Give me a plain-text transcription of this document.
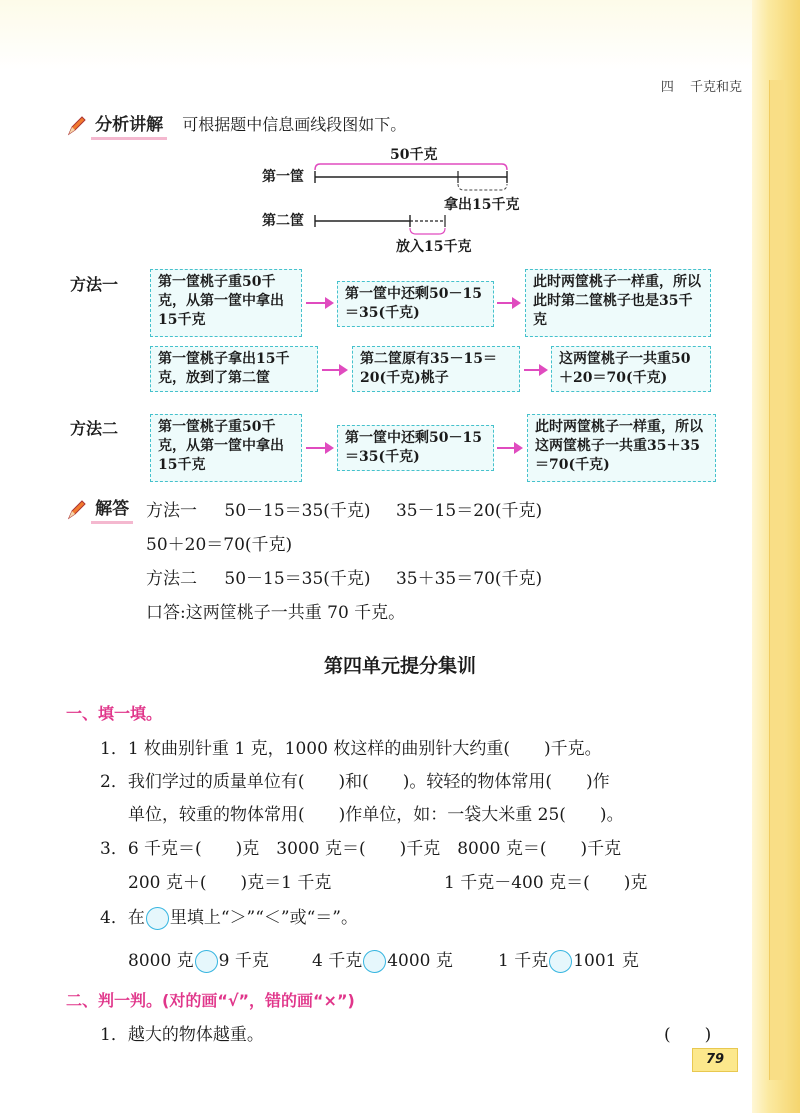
四 千克和克
分析讲解 可根据题中信息画线段图如下。
第一筐
50千克
拿出15千克
第二筐
放入15千克
方法一	第一筐桃子重50千克，从第一筐中拿出15千克
第一筐中还剩50－15＝35(千克)
此时两筐桃子一样重，所以此时第二筐桃子也是35千克
第一筐桃子拿出15千克，放到了第二筐
第二筐原有35－15＝20(千克)桃子
这两筐桃子一共重50＋20＝70(千克)
方法二	第一筐桃子重50千克，从第一筐中拿出15千克
第一筐中还剩50－15＝35(千克)
此时两筐桃子一样重，所以这两筐桃子一共重35＋35＝70(千克)
解答 方法一 50－15＝35(千克) 35－15＝20(千克)
50＋20＝70(千克)
方法二 50－15＝35(千克) 35＋35＝70(千克)
口答:这两筐桃子一共重 70 千克。
第四单元提分集训
一、填一填。
1．1 枚曲别针重 1 克，1000 枚这样的曲别针大约重(　　)千克。
2．我们学过的质量单位有(　　)和(　　)。较轻的物体常用(　　)作
单位，较重的物体常用(　　)作单位，如：一袋大米重 25(　　)。
3．6 千克＝(　　)克　3000 克＝(　　)千克　8000 克＝(　　)千克
200 克＋(　　)克＝1 千克	1 千克－400 克＝(　　)克
4．在 里填上“＞”“＜”或“＝”。
8000 克 9 千克	4 千克 4000 克	1 千克 1001 克
二、判一判。(对的画“√”，错的画“×”)
1．越大的物体越重。	(　　)
79
